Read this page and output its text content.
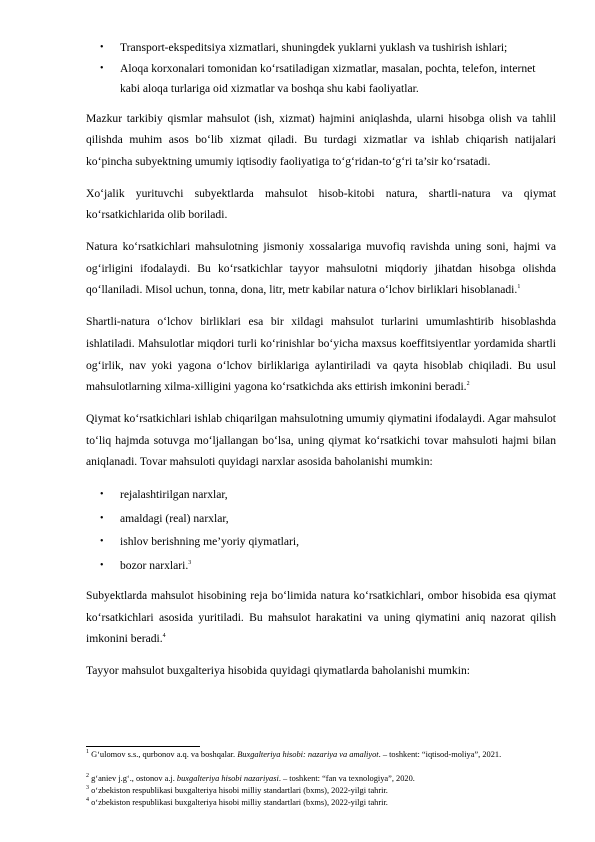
• Transport-ekspeditsiya xizmatlari, shuningdek yuklarni yuklash va tushirish ishlari;
• Aloqa korxonalari tomonidan ko‘rsatiladigan xizmatlar, masalan, pochta, telefon, internet kabi aloqa turlariga oid xizmatlar va boshqa shu kabi faoliyatlar.

Mazkur tarkibiy qismlar mahsulot (ish, xizmat) hajmini aniqlashda, ularni hisobga olish va tahlil qilishda muhim asos bo‘lib xizmat qiladi. Bu turdagi xizmatlar va ishlab chiqarish natijalari ko‘pincha subyektning umumiy iqtisodiy faoliyatiga to‘g‘ridan-to‘g‘ri ta’sir ko‘rsatadi.

Xo‘jalik yurituvchi subyektlarda mahsulot hisob-kitobi natura, shartli-natura va qiymat ko‘rsatkichlarida olib boriladi.

Natura ko‘rsatkichlari mahsulotning jismoniy xossalariga muvofiq ravishda uning soni, hajmi va og‘irligini ifodalaydi. Bu ko‘rsatkichlar tayyor mahsulotni miqdoriy jihatdan hisobga olishda qo‘llaniladi. Misol uchun, tonna, dona, litr, metr kabilar natura o‘lchov birliklari hisoblanadi.$^1$

Shartli-natura o‘lchov birliklari esa bir xildagi mahsulot turlarini umumlashtirib hisoblashda ishlatiladi. Mahsulotlar miqdori turli ko‘rinishlar bo‘yicha maxsus koeffitsiyentlar yordamida shartli og‘irlik, nav yoki yagona o‘lchov birliklariga aylantiriladi va qayta hisoblab chiqiladi. Bu usul mahsulotlarning xilma-xilligini yagona ko‘rsatkichda aks ettirish imkonini beradi.$^2$

Qiymat ko‘rsatkichlari ishlab chiqarilgan mahsulotning umumiy qiymatini ifodalaydi. Agar mahsulot to‘liq hajmda sotuvga mo‘ljallangan bo‘lsa, uning qiymat ko‘rsatkichi tovar mahsuloti hajmi bilan aniqlanadi. Tovar mahsuloti quyidagi narxlar asosida baholanishi mumkin:

• rejalashtirilgan narxlar,
• amaldagi (real) narxlar,
• ishlov berishning me’yoriy qiymatlari,
• bozor narxlari.$^3$

Subyektlarda mahsulot hisobining reja bo‘limida natura ko‘rsatkichlari, ombor hisobida esa qiymat ko‘rsatkichlari asosida yuritiladi. Bu mahsulot harakatini va uning qiymatini aniq nazorat qilish imkonini beradi.$^4$

Tayyor mahsulot buxgalteriya hisobida quyidagi qiymatlarda baholanishi mumkin:

$^1$ G‘ulomov s.s., qurbonov a.q. va boshqalar. Buxgalteriya hisobi: nazariya va amaliyot. – toshkent: “iqtisod-moliya”, 2021.
$^2$ g‘aniev j.g‘., ostonov a.j. buxgalteriya hisobi nazariyasi. – toshkent: “fan va texnologiya”, 2020.
$^3$ o‘zbekiston respublikasi buxgalteriya hisobi milliy standartlari (bxms), 2022-yilgi tahrir.
$^4$ o‘zbekiston respublikasi buxgalteriya hisobi milliy standartlari (bxms), 2022-yilgi tahrir.
